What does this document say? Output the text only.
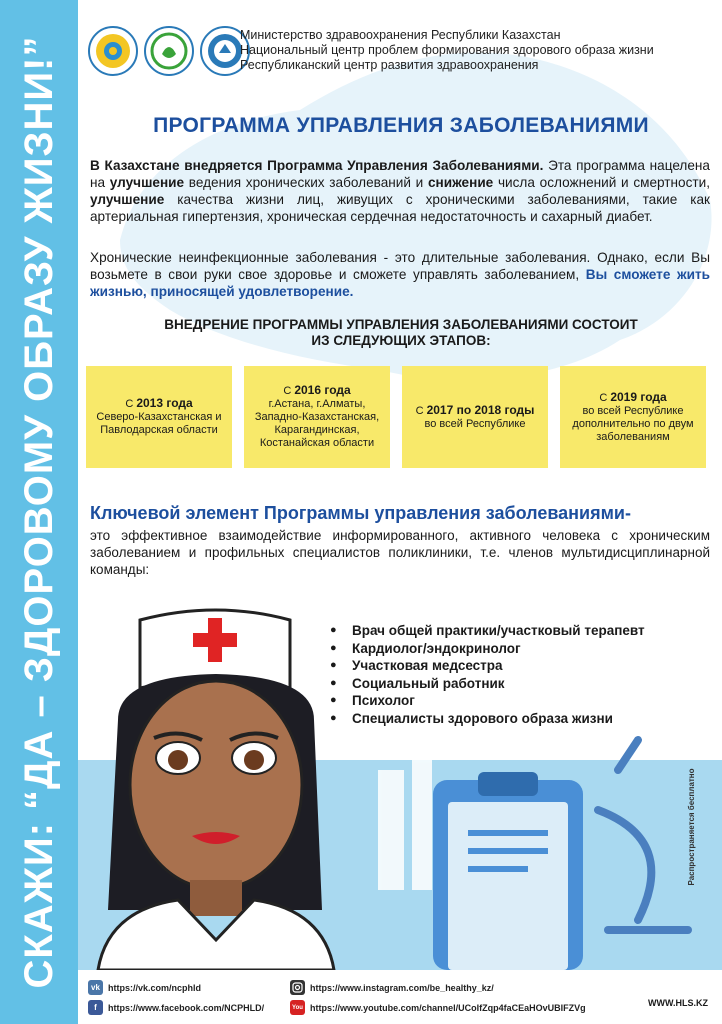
СКАЖИ: “ДА – ЗДОРОВОМУ ОБРАЗУ ЖИЗНИ!”
Министерство здравоохранения Республики Казахстан
Национальный центр проблем формирования здорового образа жизни
Республиканский центр развития здравоохранения
ПРОГРАММА УПРАВЛЕНИЯ ЗАБОЛЕВАНИЯМИ
В Казахстане внедряется Программа Управления Заболеваниями. Эта программа нацелена на улучшение ведения хронических заболеваний и снижение числа осложнений и смертности, улучшение качества жизни лиц, живущих с хроническими заболеваниями, такие как артериальная гипертензия, хроническая сердечная недостаточность и сахарный диабет.
Хронические неинфекционные заболевания - это длительные заболевания. Однако, если Вы возьмете в свои руки свое здоровье и сможете управлять заболеванием, Вы сможете жить жизнью, приносящей удовлетворение.
ВНЕДРЕНИЕ ПРОГРАММЫ УПРАВЛЕНИЯ ЗАБОЛЕВАНИЯМИ СОСТОИТ
ИЗ СЛЕДУЮЩИХ ЭТАПОВ:
С 2013 года
Северо-Казахстанская и Павлодарская области
С 2016 года
г.Астана, г.Алматы, Западно-Казахстанская, Карагандинская, Костанайская области
С 2017 по 2018 годы
во всей Республике
С 2019 года
во всей Республике дополнительно по двум заболеваниям
Ключевой элемент Программы управления заболеваниями-
это эффективное взаимодействие информированного, активного человека с хроническим заболеванием и профильных специалистов поликлиники, т.е. членов мультидисциплинарной команды:
● Врач общей практики/участковый терапевт
● Кардиолог/эндокринолог
● Участковая медсестра
● Социальный работник
● Психолог
● Специалисты здорового образа жизни
Распространяется бесплатно
vk https://vk.com/ncphld
f	https://www.facebook.com/NCPHLD/
https://www.instagram.com/be_healthy_kz/
You https://www.youtube.com/channel/UCoIfZqp4faCEaHOvUBIFZVg	WWW.HLS.KZ
